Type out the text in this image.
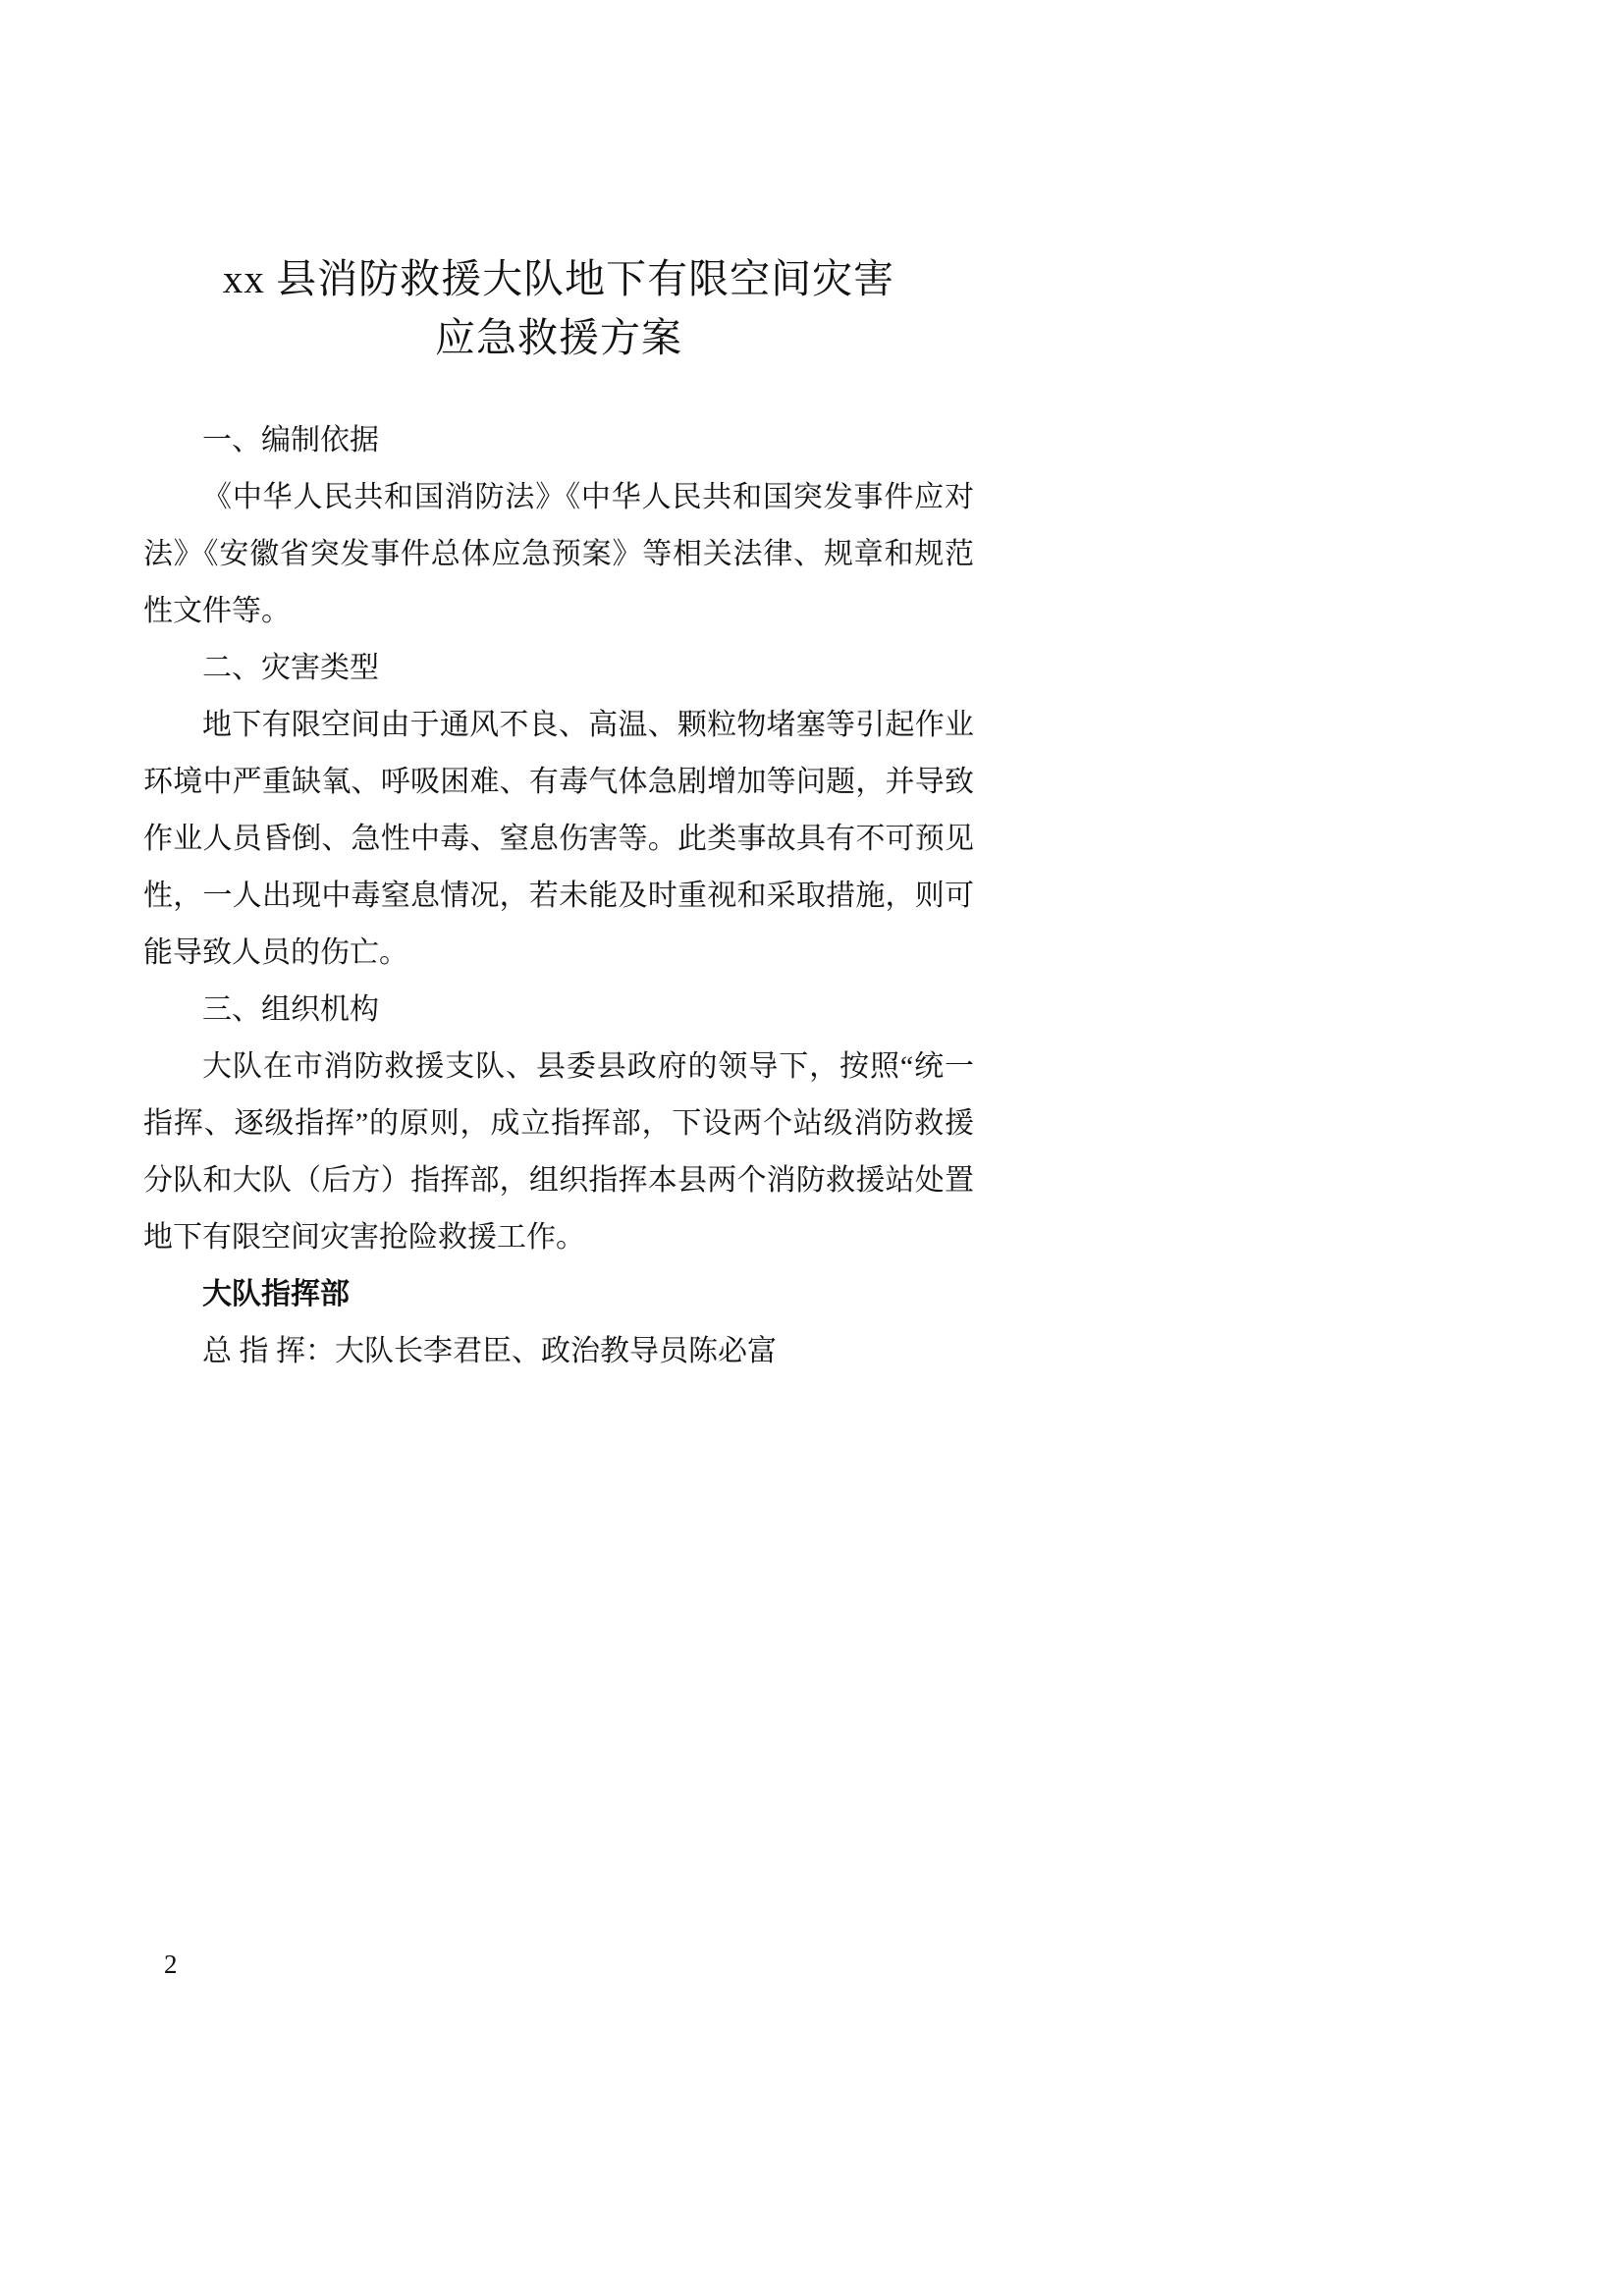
xx 县消防救援大队地下有限空间灾害
应急救援方案

一、编制依据

《中华人民共和国消防法》《中华人民共和国突发事件应对法》《安徽省突发事件总体应急预案》等相关法律、规章和规范性文件等。

二、灾害类型

地下有限空间由于通风不良、高温、颗粒物堵塞等引起作业环境中严重缺氧、呼吸困难、有毒气体急剧增加等问题，并导致作业人员昏倒、急性中毒、窒息伤害等。此类事故具有不可预见性，一人出现中毒窒息情况，若未能及时重视和采取措施，则可能导致人员的伤亡。

三、组织机构

大队在市消防救援支队、县委县政府的领导下，按照“统一指挥、逐级指挥”的原则，成立指挥部，下设两个站级消防救援分队和大队（后方）指挥部，组织指挥本县两个消防救援站处置地下有限空间灾害抢险救援工作。

大队指挥部

总 指 挥：大队长李君臣、政治教导员陈必富

2
